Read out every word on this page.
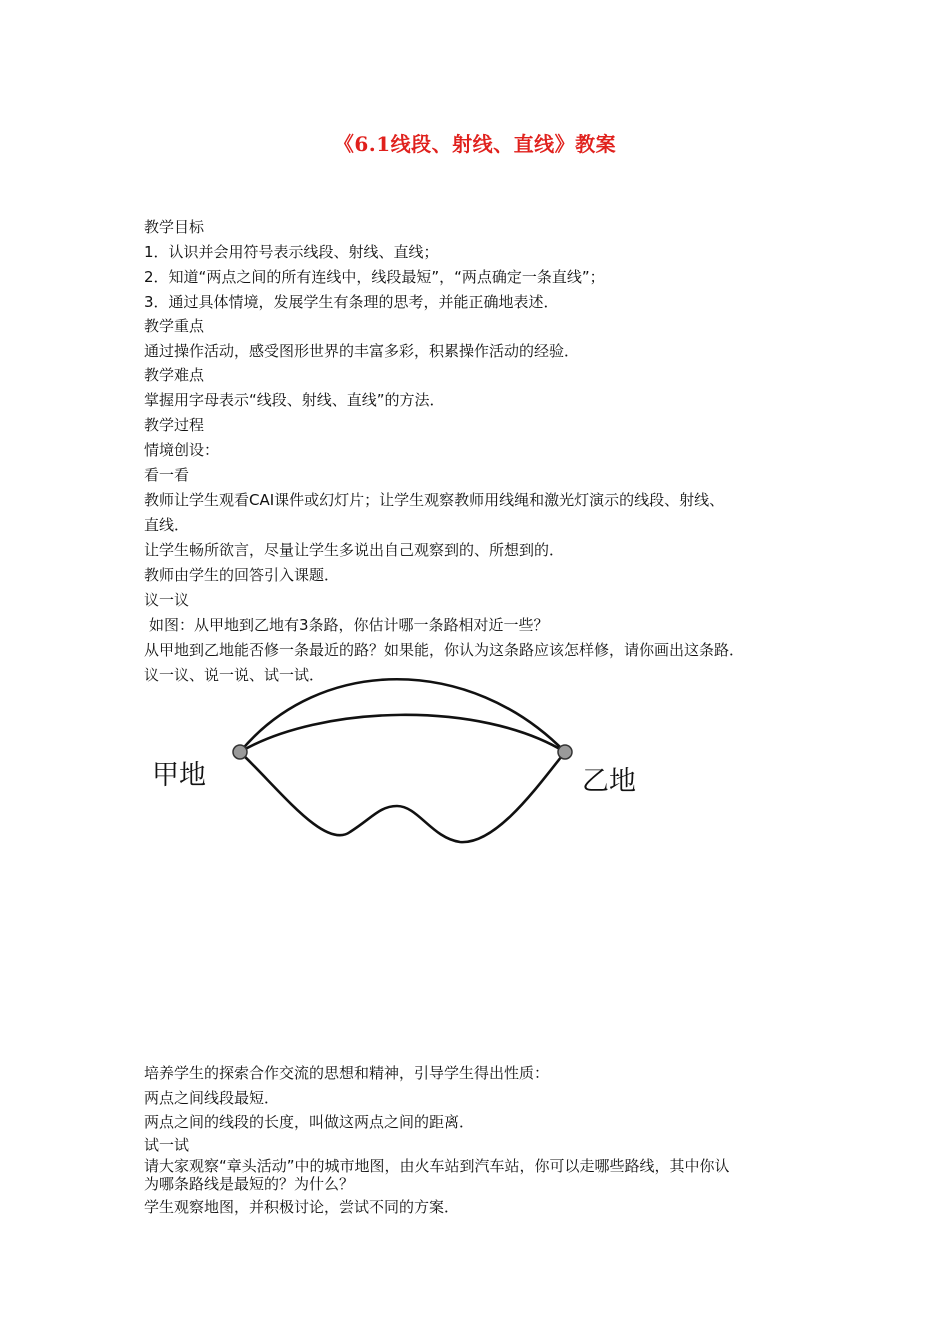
《6.1线段、射线、直线》教案
教学目标
1．认识并会用符号表示线段、射线、直线；
2．知道“两点之间的所有连线中，线段最短”，“两点确定一条直线”；
3．通过具体情境，发展学生有条理的思考，并能正确地表述．
教学重点
通过操作活动，感受图形世界的丰富多彩，积累操作活动的经验．
教学难点
掌握用字母表示“线段、射线、直线”的方法．
教学过程
情境创设：
看一看
教师让学生观看CAI课件或幻灯片；让学生观察教师用线绳和激光灯演示的线段、射线、
直线．
让学生畅所欲言，尽量让学生多说出自己观察到的、所想到的．
教师由学生的回答引入课题．
议一议
如图：从甲地到乙地有3条路，你估计哪一条路相对近一些？
从甲地到乙地能否修一条最近的路？如果能，你认为这条路应该怎样修，请你画出这条路．
议一议、说一说、试一试．
甲地	乙地
培养学生的探索合作交流的思想和精神，引导学生得出性质：
两点之间线段最短．
两点之间的线段的长度，叫做这两点之间的距离．
试一试
请大家观察“章头活动”中的城市地图，由火车站到汽车站，你可以走哪些路线，其中你认
为哪条路线是最短的？为什么？
学生观察地图，并积极讨论，尝试不同的方案．
